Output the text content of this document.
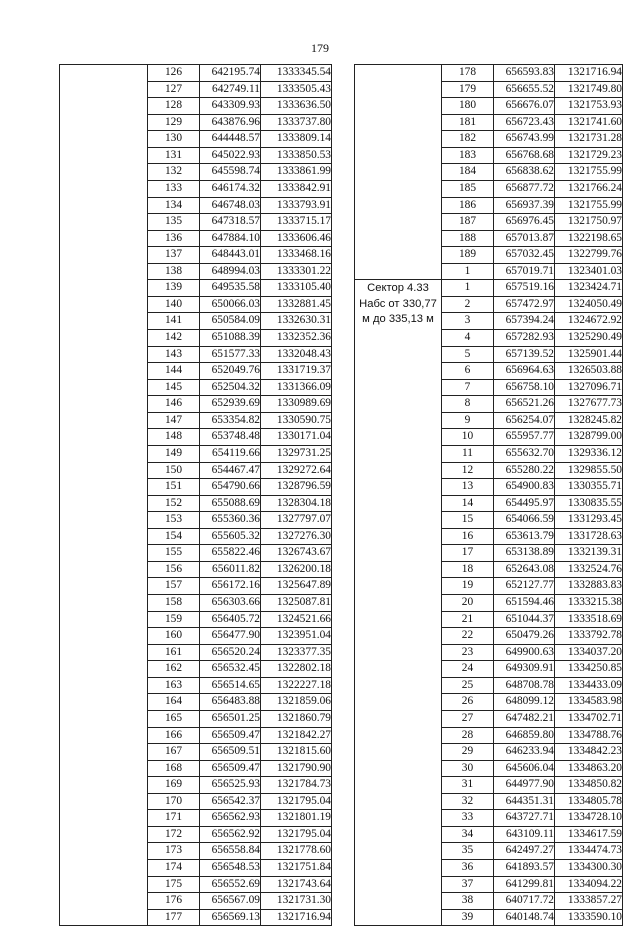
179
	126	642195.74	1333345.54
	127	642749.11	1333505.43
	128	643309.93	1333636.50
	129	643876.96	1333737.80
	130	644448.57	1333809.14
	131	645022.93	1333850.53
	132	645598.74	1333861.99
	133	646174.32	1333842.91
	134	646748.03	1333793.91
	135	647318.57	1333715.17
	136	647884.10	1333606.46
	137	648443.01	1333468.16
	138	648994.03	1333301.22
	139	649535.58	1333105.40
	140	650066.03	1332881.45
	141	650584.09	1332630.31
	142	651088.39	1332352.36
	143	651577.33	1332048.43
	144	652049.76	1331719.37
	145	652504.32	1331366.09
	146	652939.69	1330989.69
	147	653354.82	1330590.75
	148	653748.48	1330171.04
	149	654119.66	1329731.25
	150	654467.47	1329272.64
	151	654790.66	1328796.59
	152	655088.69	1328304.18
	153	655360.36	1327797.07
	154	655605.32	1327276.30
	155	655822.46	1326743.67
	156	656011.82	1326200.18
	157	656172.16	1325647.89
	158	656303.66	1325087.81
	159	656405.72	1324521.66
	160	656477.90	1323951.04
	161	656520.24	1323377.35
	162	656532.45	1322802.18
	163	656514.65	1322227.18
	164	656483.88	1321859.06
	165	656501.25	1321860.79
	166	656509.47	1321842.27
	167	656509.51	1321815.60
	168	656509.47	1321790.90
	169	656525.93	1321784.73
	170	656542.37	1321795.04
	171	656562.93	1321801.19
	172	656562.92	1321795.04
	173	656558.84	1321778.60
	174	656548.53	1321751.84
	175	656552.69	1321743.64
	176	656567.09	1321731.30
	177	656569.13	1321716.94
	178	656593.83	1321716.94
	179	656655.52	1321749.80
	180	656676.07	1321753.93
	181	656723.43	1321741.60
	182	656743.99	1321731.28
	183	656768.68	1321729.23
	184	656838.62	1321755.99
	185	656877.72	1321766.24
	186	656937.39	1321755.99
	187	656976.45	1321750.97
	188	657013.87	1322198.65
	189	657032.45	1322799.76
	1	657019.71	1323401.03

Сектор 4.33 Набс от 330,77 м до 335,13 м	1	657519.16	1323424.71
	2	657472.97	1324050.49
	3	657394.24	1324672.92
	4	657282.93	1325290.49
	5	657139.52	1325901.44
	6	656964.63	1326503.88
	7	656758.10	1327096.71
	8	656521.26	1327677.73
	9	656254.07	1328245.82
	10	655957.77	1328799.00
	11	655632.70	1329336.12
	12	655280.22	1329855.50
	13	654900.83	1330355.71
	14	654495.97	1330835.55
	15	654066.59	1331293.45
	16	653613.79	1331728.63
	17	653138.89	1332139.31
	18	652643.08	1332524.76
	19	652127.77	1332883.83
	20	651594.46	1333215.38
	21	651044.37	1333518.69
	22	650479.26	1333792.78
	23	649900.63	1334037.20
	24	649309.91	1334250.85
	25	648708.78	1334433.09
	26	648099.12	1334583.98
	27	647482.21	1334702.71
	28	646859.80	1334788.76
	29	646233.94	1334842.23
	30	645606.04	1334863.20
	31	644977.90	1334850.82
	32	644351.31	1334805.78
	33	643727.71	1334728.10
	34	643109.11	1334617.59
	35	642497.27	1334474.73
	36	641893.57	1334300.30
	37	641299.81	1334094.22
	38	640717.72	1333857.27
	39	640148.74	1333590.10
